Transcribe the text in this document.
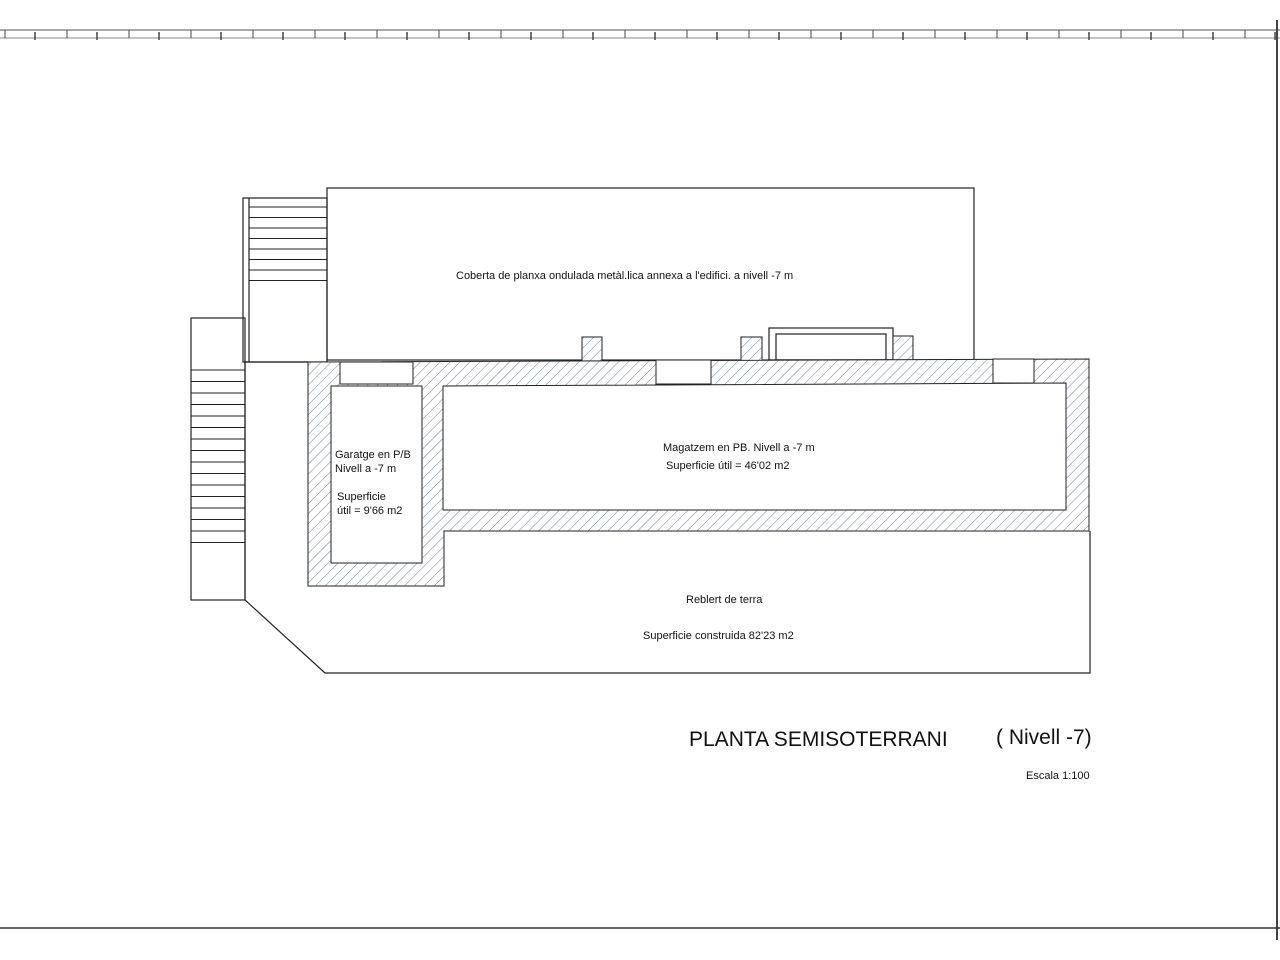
Coberta de planxa ondulada metàl.lica annexa a l'edifici. a nivell -7 m
Garatge en P/B
Nivell a -7 m
Superficie
útil = 9'66 m2
Magatzem en PB. Nivell a -7 m
Superficie útil = 46'02 m2
Reblert de terra
Superficie construida 82'23 m2
PLANTA SEMISOTERRANI ( Nivell -7)
Escala 1:100
